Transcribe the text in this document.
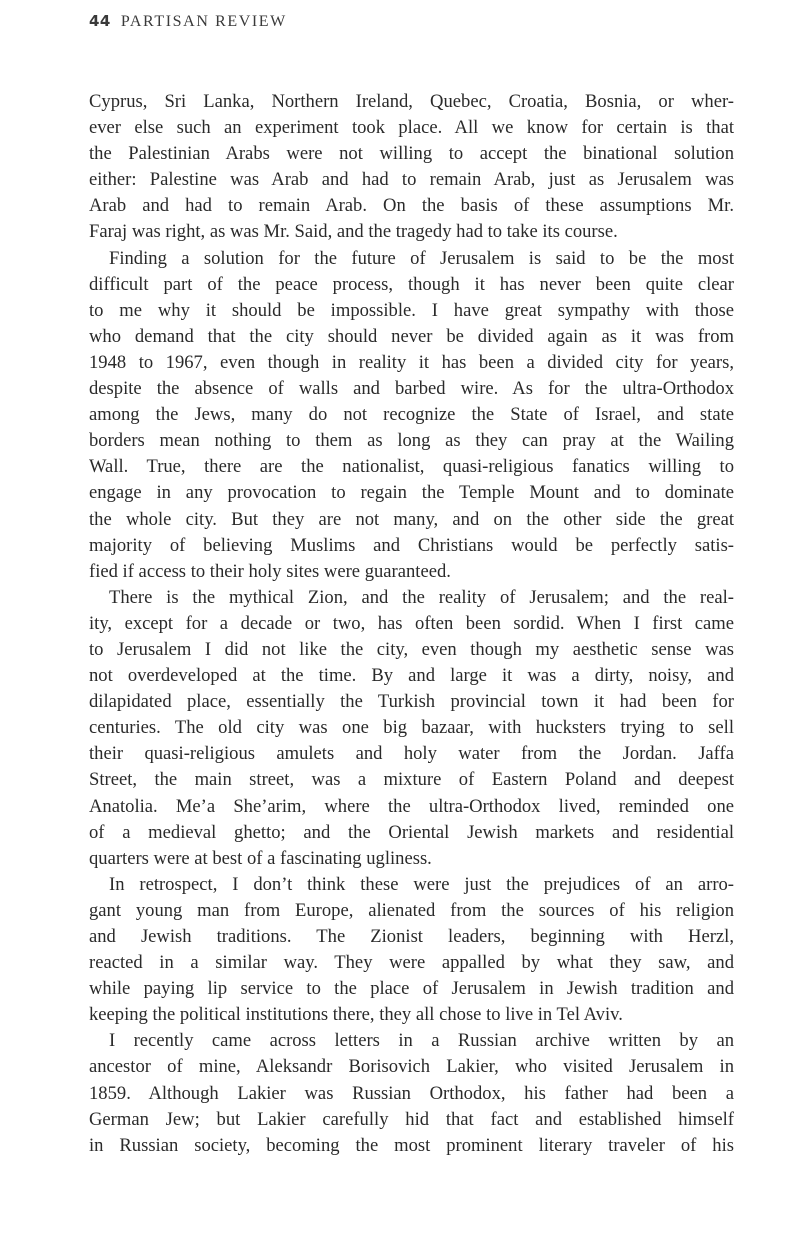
44 PARTISAN REVIEW
Cyprus, Sri Lanka, Northern Ireland, Quebec, Croatia, Bosnia, or wher-
ever else such an experiment took place. All we know for certain is that
the Palestinian Arabs were not willing to accept the binational solution
either: Palestine was Arab and had to remain Arab, just as Jerusalem was
Arab and had to remain Arab. On the basis of these assumptions Mr.
Faraj was right, as was Mr. Said, and the tragedy had to take its course.
Finding a solution for the future of Jerusalem is said to be the most
difficult part of the peace process, though it has never been quite clear
to me why it should be impossible. I have great sympathy with those
who demand that the city should never be divided again as it was from
1948 to 1967, even though in reality it has been a divided city for years,
despite the absence of walls and barbed wire. As for the ultra-Orthodox
among the Jews, many do not recognize the State of Israel, and state
borders mean nothing to them as long as they can pray at the Wailing
Wall. True, there are the nationalist, quasi-religious fanatics willing to
engage in any provocation to regain the Temple Mount and to dominate
the whole city. But they are not many, and on the other side the great
majority of believing Muslims and Christians would be perfectly satis-
fied if access to their holy sites were guaranteed.
There is the mythical Zion, and the reality of Jerusalem; and the real-
ity, except for a decade or two, has often been sordid. When I first came
to Jerusalem I did not like the city, even though my aesthetic sense was
not overdeveloped at the time. By and large it was a dirty, noisy, and
dilapidated place, essentially the Turkish provincial town it had been for
centuries. The old city was one big bazaar, with hucksters trying to sell
their quasi-religious amulets and holy water from the Jordan. Jaffa
Street, the main street, was a mixture of Eastern Poland and deepest
Anatolia. Me’a She’arim, where the ultra-Orthodox lived, reminded one
of a medieval ghetto; and the Oriental Jewish markets and residential
quarters were at best of a fascinating ugliness.
In retrospect, I don’t think these were just the prejudices of an arro-
gant young man from Europe, alienated from the sources of his religion
and Jewish traditions. The Zionist leaders, beginning with Herzl,
reacted in a similar way. They were appalled by what they saw, and
while paying lip service to the place of Jerusalem in Jewish tradition and
keeping the political institutions there, they all chose to live in Tel Aviv.
I recently came across letters in a Russian archive written by an
ancestor of mine, Aleksandr Borisovich Lakier, who visited Jerusalem in
1859. Although Lakier was Russian Orthodox, his father had been a
German Jew; but Lakier carefully hid that fact and established himself
in Russian society, becoming the most prominent literary traveler of his
